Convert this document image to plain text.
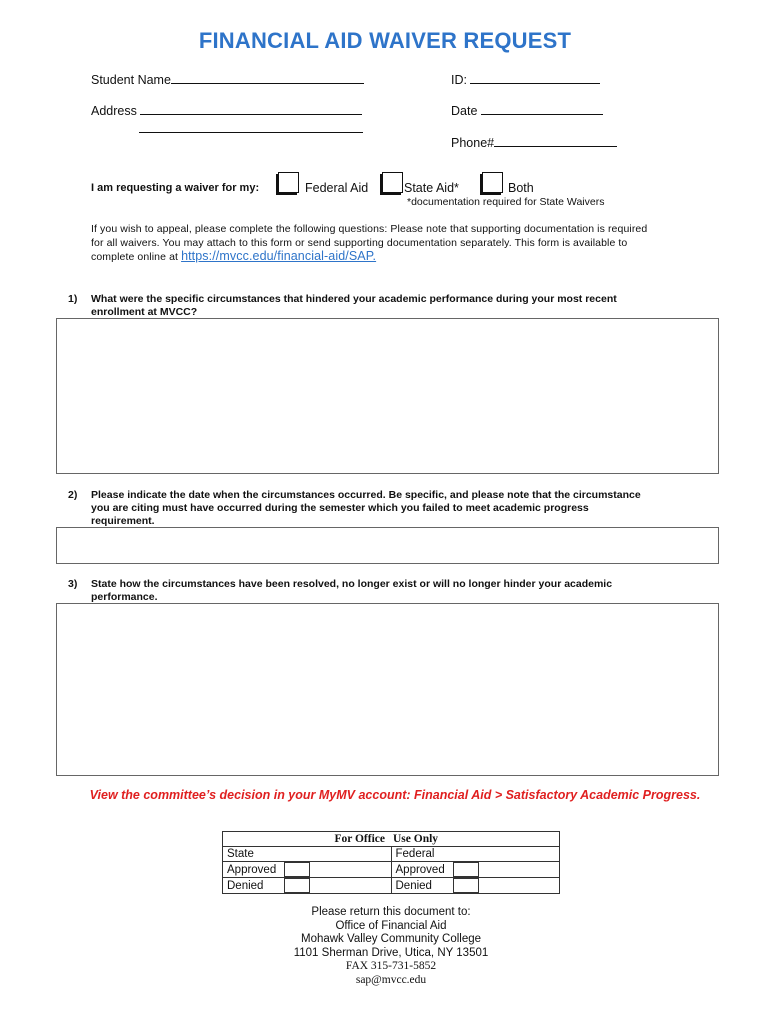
FINANCIAL AID WAIVER REQUEST
Student Name	ID:
Address	Date
Phone#
I am requesting a waiver for my:	Federal Aid	State Aid*	Both
*documentation required for State Waivers
If you wish to appeal, please complete the following questions: Please note that supporting documentation is required
for all waivers. You may attach to this form or send supporting documentation separately. This form is available to
complete online at https://mvcc.edu/financial-aid/SAP.
1) What were the specific circumstances that hindered your academic performance during your most recent
enrollment at MVCC?
2) Please indicate the date when the circumstances occurred. Be specific, and please note that the circumstance
you are citing must have occurred during the semester which you failed to meet academic progress
requirement.
3) State how the circumstances have been resolved, no longer exist or will no longer hinder your academic
performance.
View the committee’s decision in your MyMV account: Financial Aid > Satisfactory Academic Progress.
For Office		Use Only	
State		Federal	
Approved		Approved	
Denied		Denied	
Please return this document to:
Office of Financial Aid
Mohawk Valley Community College
1101 Sherman Drive, Utica, NY 13501
FAX 315-731-5852
sap@mvcc.edu
